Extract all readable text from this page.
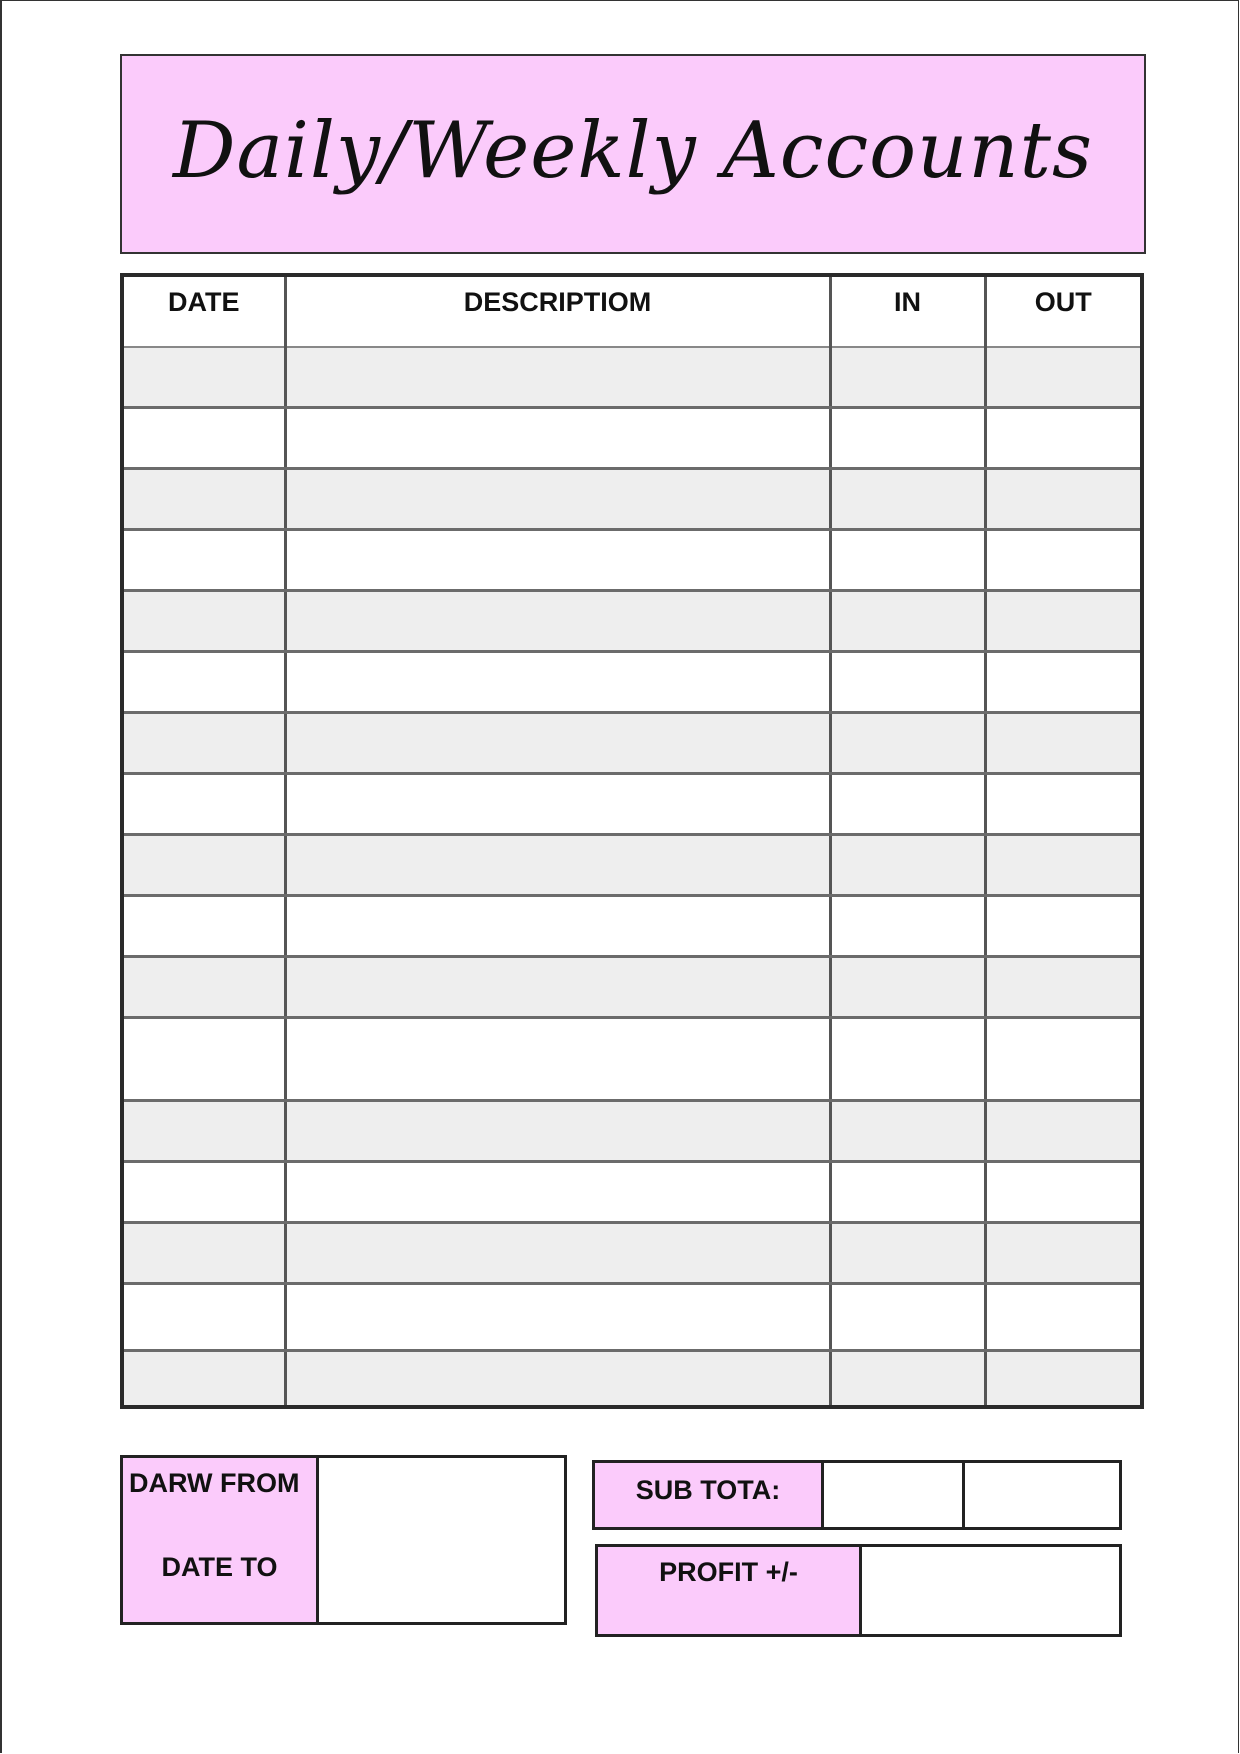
Daily/Weekly Accounts
DATE	DESCRIPTIOM	IN	OUT

DARW FROM
DATE TO
SUB TOTA:
PROFIT +/-
